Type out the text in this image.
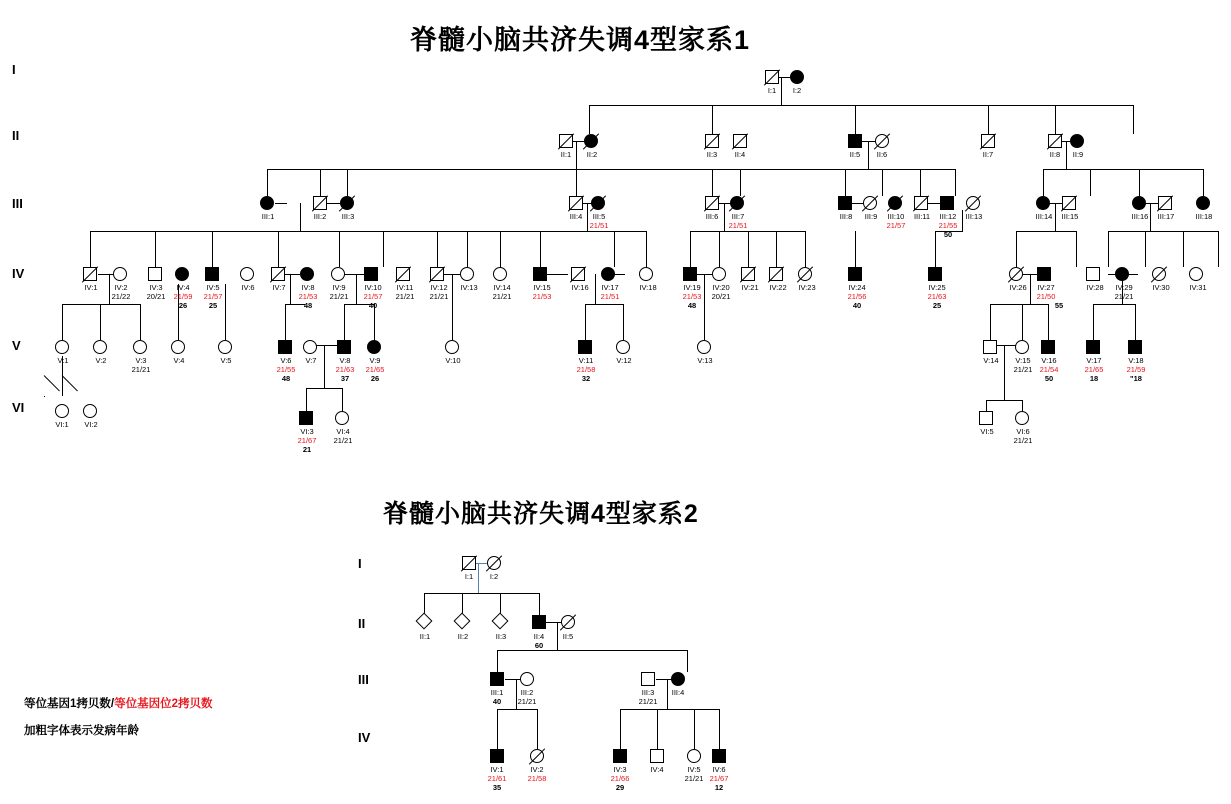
脊髓小脑共济失调4型家系1
脊髓小脑共济失调4型家系2
I
II
III
IV
V
VI
I
II
III
IV
I:1	I:2
II:1	II:2	II:3	II:4	II:5	II:6	II:7	II:8	II:9
III:1	III:2	III:3	III:4	III:5
21/51
III:6	III:7
21/51
III:8	III:9	III:10
21/57
III:11	III:12
21/55
50
III:13	III:14	III:15	III:16	III:17	III:18
IV:1	IV:2
21/22
IV:3
20/21
IV:4
21/59
26
IV:5
21/57
25
IV:6	IV:7	IV:8
21/53
48
IV:9
21/21
IV:10
21/57
40
IV:11
21/21
IV:12
21/21
IV:13	IV:14
21/21
IV:15
21/53
IV:16	IV:17
21/51
IV:18	IV:19
21/53
48
IV:20
20/21
IV:21	IV:22	IV:23	IV:24
21/56
40
IV:25
21/63
25
IV:26	IV:27
21/50
55
IV:28	IV:29
21/21
IV:30	IV:31
V:1	V:2	V:3
21/21
V:4	V:5	V:6
21/55
48
V:7	V:8
21/63
37
V:9
21/65
26
V:10	V:11
21/58
32
V:12	V:13	V:14	V:15
21/21
V:16
21/54
50
V:17
21/65
18
V:18
21/59
"18
VI:1	VI:2
VI:3
21/67
21
VI:4
21/21
VI:5	VI:6
21/21
I:1	I:2
II:1	II:2	II:3	II:4
60
II:5
III:1
40
III:2
21/21
III:3
21/21
III:4
IV:1
21/61
35
IV:2
21/58
IV:3
21/66
29
IV:4	IV:5
21/21
IV:6
21/67
12
等位基因1拷贝数/等位基因位2拷贝数
加粗字体表示发病年龄
